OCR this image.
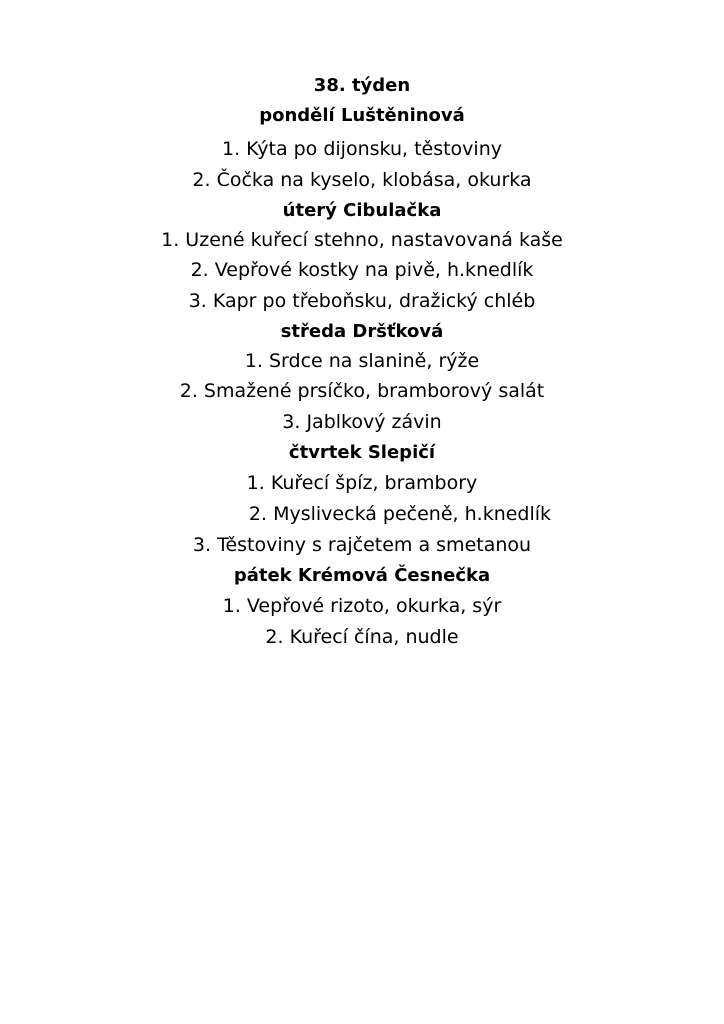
38. týden
pondělí Luštěninová
1. Kýta po dijonsku, těstoviny
2. Čočka na kyselo, klobása, okurka
úterý Cibulačka
1. Uzené kuřecí stehno, nastavovaná kaše
2. Vepřové kostky na pivě, h.knedlík
3. Kapr po třeboňsku, dražický chléb
středa Dršťková
1. Srdce na slanině, rýže
2. Smažené prsíčko, bramborový salát
3. Jablkový závin
čtvrtek Slepičí
1. Kuřecí špíz, brambory
2. Myslivecká pečeně, h.knedlík
3. Těstoviny s rajčetem a smetanou
pátek Krémová Česnečka
1. Vepřové rizoto, okurka, sýr
2. Kuřecí čína, nudle
